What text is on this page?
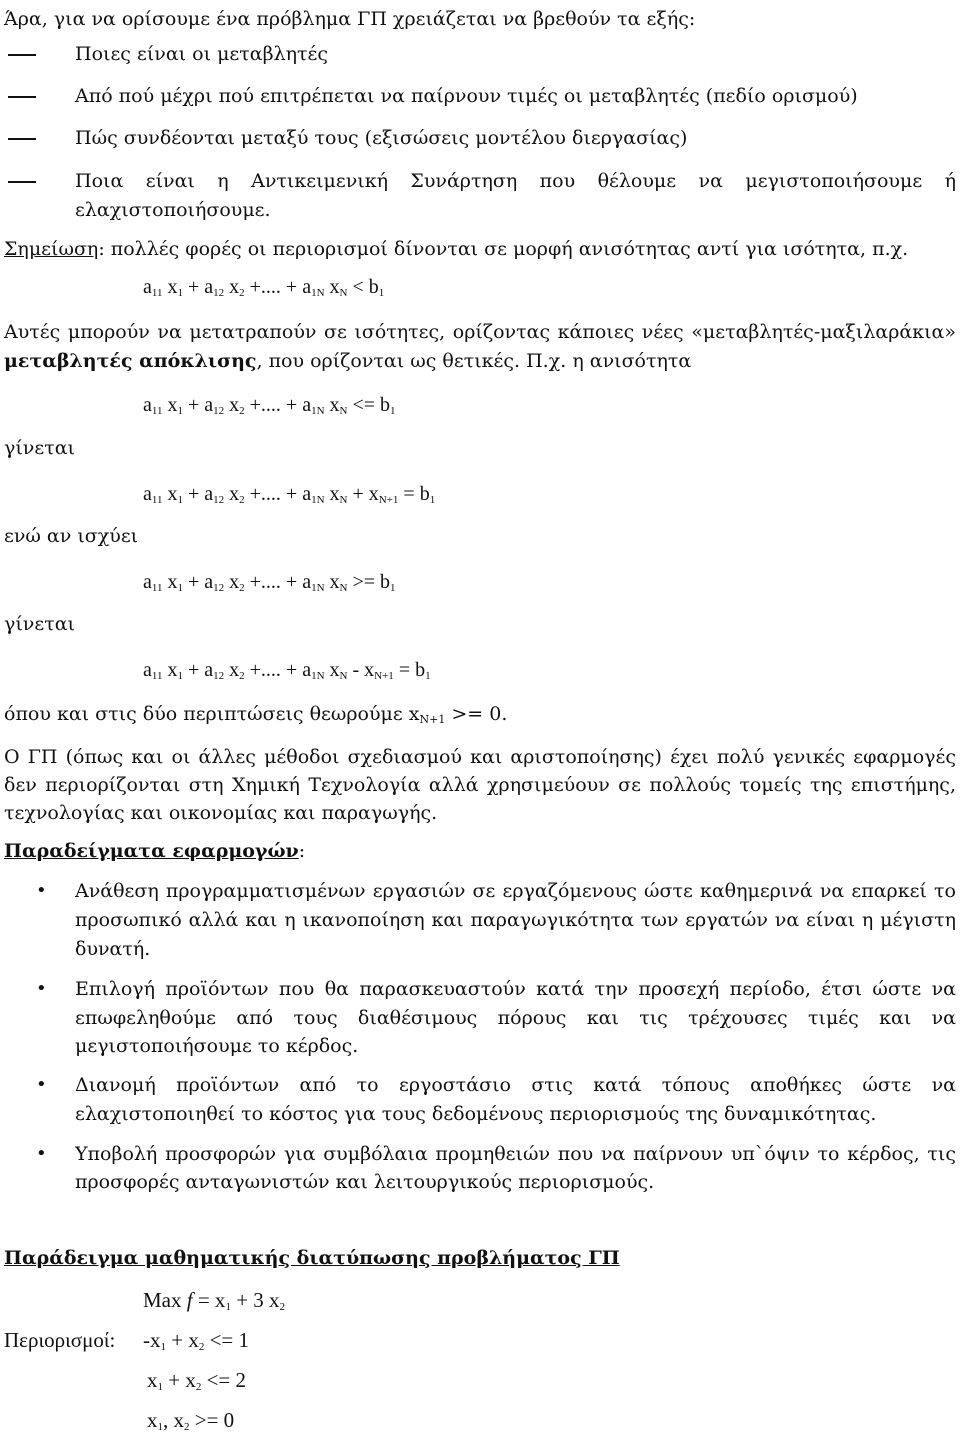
Άρα, για να ορίσουμε ένα πρόβλημα ΓΠ χρειάζεται να βρεθούν τα εξής:
Ποιες είναι οι μεταβλητές
Από πού μέχρι πού επιτρέπεται να παίρνουν τιμές οι μεταβλητές (πεδίο ορισμού)
Πώς συνδέονται μεταξύ τους (εξισώσεις μοντέλου διεργασίας)
Ποια είναι η Αντικειμενική Συνάρτηση που θέλουμε να μεγιστοποιήσουμε ή
ελαχιστοποιήσουμε.
Σημείωση: πολλές φορές οι περιορισμοί δίνονται σε μορφή ανισότητας αντί για ισότητα, π.χ.
$a_{11}$ $x_1 + a_{12}$ $x_2$ +.... + $a_{1N}$ $x_N < b_1$
Αυτές μπορούν να μετατραπούν σε ισότητες, ορίζοντας κάποιες νέες «μεταβλητές-μαξιλαράκια»
μεταβλητές απόκλισης, που ορίζονται ως θετικές. Π.χ. η ανισότητα
$a_{11}$ $x_1 + a_{12}$ $x_2$ +.... + $a_{1N}$ $x_N <= b_1$
γίνεται
$a_{11}$ $x_1 + a_{12}$ $x_2$ +.... + $a_{1N}$ $x_N + x_{N+1} = b_1$
ενώ αν ισχύει
$a_{11}$ $x_1 + a_{12}$ $x_2$ +.... + $a_{1N}$ $x_N >= b_1$
γίνεται
$a_{11}$ $x_1 + a_{12}$ $x_2$ +.... + $a_{1N}$ $x_N - x_{N+1} = b_1$
όπου και στις δύο περιπτώσεις θεωρούμε $x_{N+1} >= 0$.
Ο ΓΠ (όπως και οι άλλες μέθοδοι σχεδιασμού και αριστοποίησης) έχει πολύ γενικές εφαρμογές
δεν περιορίζονται στη Χημική Τεχνολογία αλλά χρησιμεύουν σε πολλούς τομείς της επιστήμης,
τεχνολογίας και οικονομίας και παραγωγής.
Παραδείγματα εφαρμογών:
• Ανάθεση προγραμματισμένων εργασιών σε εργαζόμενους ώστε καθημερινά να επαρκεί το
προσωπικό αλλά και η ικανοποίηση και παραγωγικότητα των εργατών να είναι η μέγιστη
δυνατή.
• Επιλογή προϊόντων που θα παρασκευαστούν κατά την προσεχή περίοδο, έτσι ώστε να
επωφεληθούμε από τους διαθέσιμους πόρους και τις τρέχουσες τιμές και να
μεγιστοποιήσουμε το κέρδος.
• Διανομή προϊόντων από το εργοστάσιο στις κατά τόπους αποθήκες ώστε να
ελαχιστοποιηθεί το κόστος για τους δεδομένους περιορισμούς της δυναμικότητας.
• Υποβολή προσφορών για συμβόλαια προμηθειών που να παίρνουν υπ`όψιν το κέρδος, τις
προσφορές ανταγωνιστών και λειτουργικούς περιορισμούς.
Παράδειγμα μαθηματικής διατύπωσης προβλήματος ΓΠ
Max $f = x_1 + 3$ $x_2$
Περιορισμοί:	$-x_1 + x_2 <= 1$
$x_1 + x_2 <= 2$
$x_1$, $x_2 >= 0$
